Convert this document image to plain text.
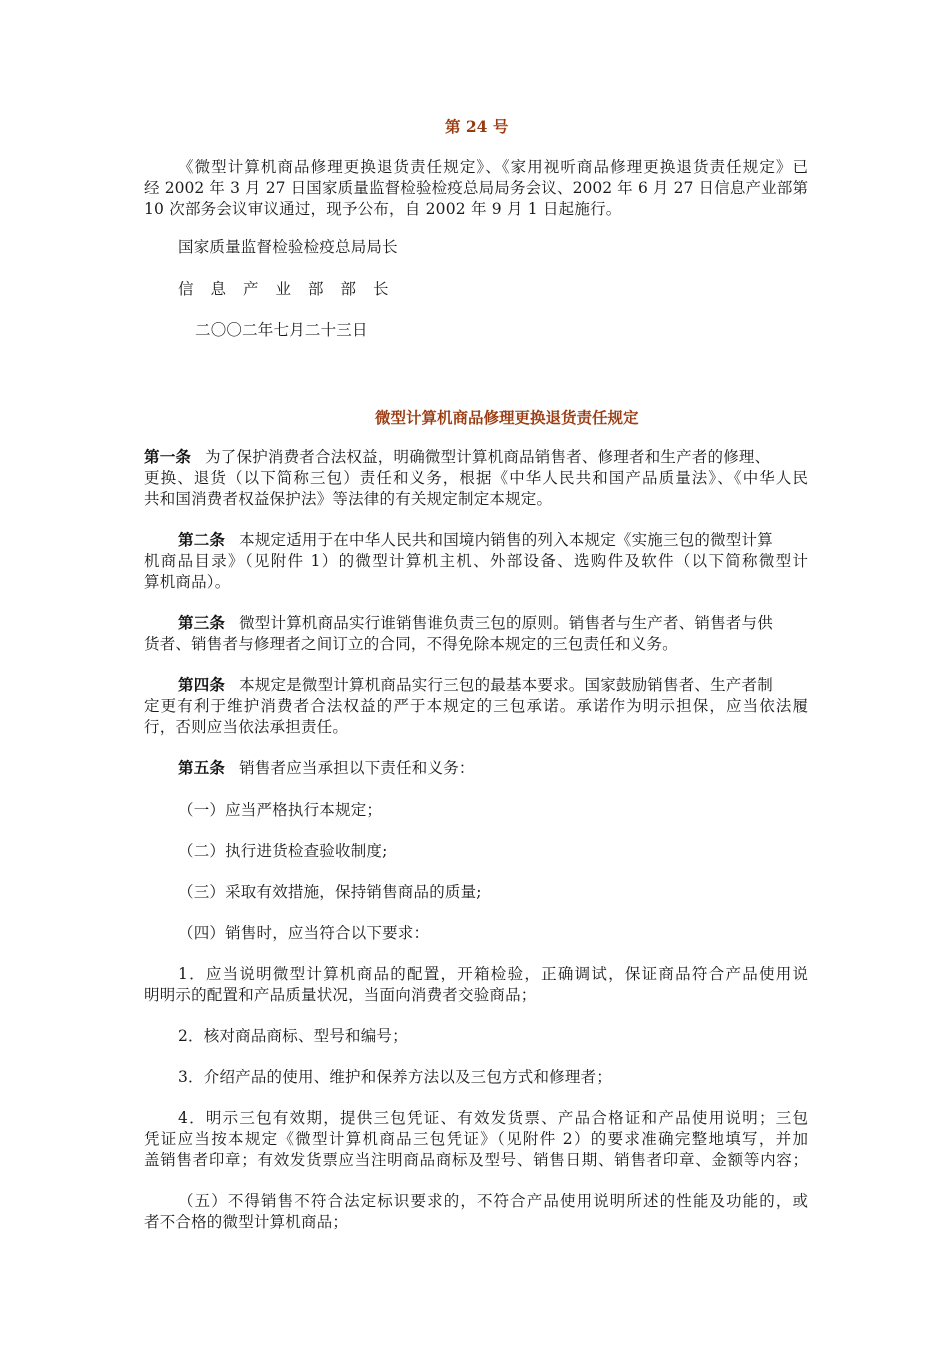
第 24 号
《微型计算机商品修理更换退货责任规定》、《家用视听商品修理更换退货责任规定》已
经 2002 年 3 月 27 日国家质量监督检验检疫总局局务会议、2002 年 6 月 27 日信息产业部第
10 次部务会议审议通过，现予公布，自 2002 年 9 月 1 日起施行。
国家质量监督检验检疫总局局长
信息产业部部长
二〇〇二年七月二十三日
微型计算机商品修理更换退货责任规定
第一条 为了保护消费者合法权益，明确微型计算机商品销售者、修理者和生产者的修理、
更换、退货（以下简称三包）责任和义务，根据《中华人民共和国产品质量法》、《中华人民
共和国消费者权益保护法》等法律的有关规定制定本规定。
第二条 本规定适用于在中华人民共和国境内销售的列入本规定《实施三包的微型计算
机商品目录》（见附件 1）的微型计算机主机、外部设备、选购件及软件（以下简称微型计
算机商品）。
第三条 微型计算机商品实行谁销售谁负责三包的原则。销售者与生产者、销售者与供
货者、销售者与修理者之间订立的合同，不得免除本规定的三包责任和义务。
第四条 本规定是微型计算机商品实行三包的最基本要求。国家鼓励销售者、生产者制
定更有利于维护消费者合法权益的严于本规定的三包承诺。承诺作为明示担保，应当依法履
行，否则应当依法承担责任。
第五条 销售者应当承担以下责任和义务：
（一）应当严格执行本规定；
（二）执行进货检查验收制度;
（三）采取有效措施，保持销售商品的质量;
（四）销售时，应当符合以下要求：
1．应当说明微型计算机商品的配置，开箱检验，正确调试，保证商品符合产品使用说
明明示的配置和产品质量状况，当面向消费者交验商品；
2．核对商品商标、型号和编号；
3．介绍产品的使用、维护和保养方法以及三包方式和修理者；
4．明示三包有效期，提供三包凭证、有效发货票、产品合格证和产品使用说明；三包
凭证应当按本规定《微型计算机商品三包凭证》（见附件 2）的要求准确完整地填写，并加
盖销售者印章；有效发货票应当注明商品商标及型号、销售日期、销售者印章、金额等内容；
（五）不得销售不符合法定标识要求的，不符合产品使用说明所述的性能及功能的，或
者不合格的微型计算机商品；
